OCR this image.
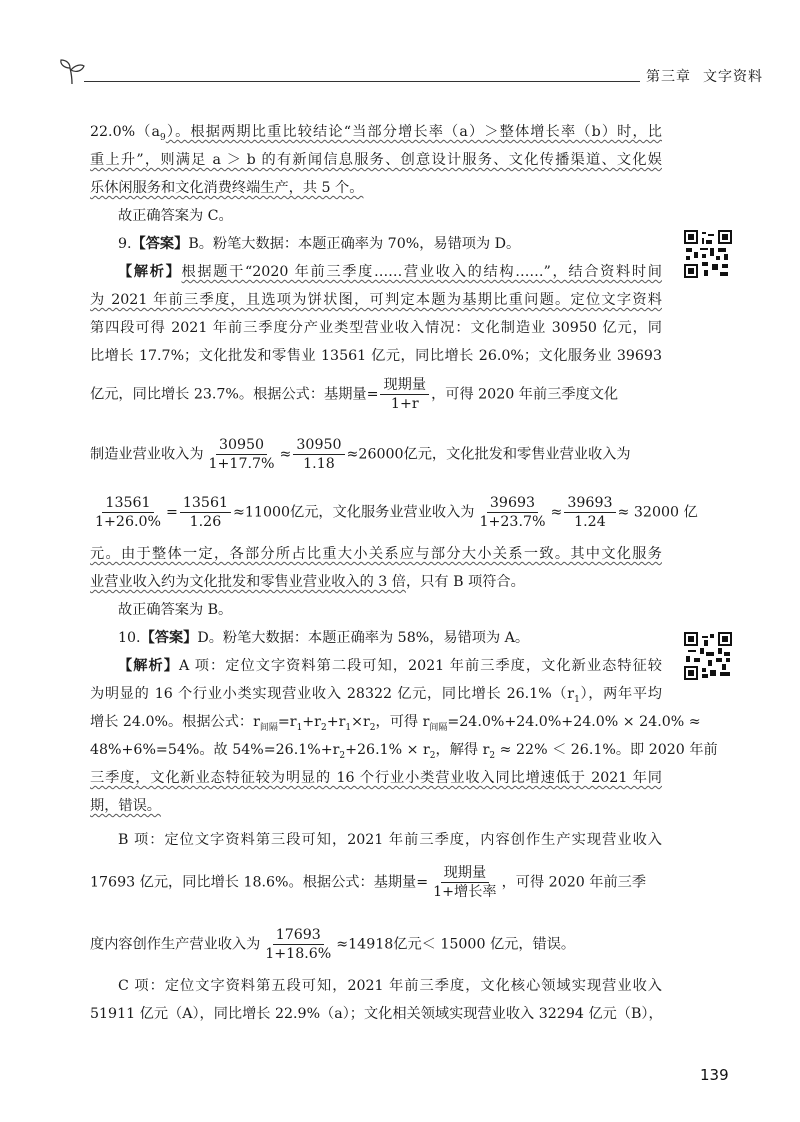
第三章 文字资料
$22.0\%(a_9)$。根据两期比重比较结论“当部分增长率（a）＞整体增长率（b）时，比
重上升”，则满足 a ＞ b 的有新闻信息服务、创意设计服务、文化传播渠道、文化娱
乐休闲服务和文化消费终端生产，共 5 个。
故正确答案为 C。
9.【答案】B。粉笔大数据：本题正确率为 70%，易错项为 D。
【解析】根据题干“2020 年前三季度……营业收入的结构……”，结合资料时间
为 2021 年前三季度，且选项为饼状图，可判定本题为基期比重问题。定位文字资料
第四段可得 2021 年前三季度分产业类型营业收入情况：文化制造业 30950 亿元，同
比增长 17.7%；文化批发和零售业 13561 亿元，同比增长 26.0%；文化服务业 39693
亿元，同比增长 23.7%。根据公式：基期量= $\frac{\text{现期量}}{1+r}$ ，可得 2020 年前三季度文化
制造业营业收入为 $\frac{30950}{1+17.7\%} \approx \frac{30950}{1.18} \approx 26000$亿元，文化批发和零售业营业收入为
$\frac{13561}{1+26.0\%} = \frac{13561}{1.26} \approx 11000$亿元，文化服务业营业收入为 $\frac{39693}{1+23.7\%} \approx \frac{39693}{1.24} \approx 32000$ 亿
元。由于整体一定，各部分所占比重大小关系应与部分大小关系一致。其中文化服务
业营业收入约为文化批发和零售业营业收入的 3 倍，只有 B 项符合。
故正确答案为 B。
10.【答案】D。粉笔大数据：本题正确率为 58%，易错项为 A。
【解析】A 项：定位文字资料第二段可知，2021 年前三季度，文化新业态特征较
为明显的 16 个行业小类实现营业收入 28322 亿元，同比增长 $26.1\%(r_1)$，两年平均
增长 24.0%。根据公式：$r_{间隔}=r_1+r_2+r_1\times r_2$，可得 $r_{间隔}=24.0\%+24.0\%+24.0\% \times 24.0\%$ ≈
48%+6%=54%。故 $54\%=26.1\%+r_2+26.1\% \times r_2$，解得 $r_2 \approx 22\% < 26.1\%$。即 2020 年前
三季度，文化新业态特征较为明显的 16 个行业小类营业收入同比增速低于 2021 年同
期，错误。
B 项：定位文字资料第三段可知，2021 年前三季度，内容创作生产实现营业收入
17693 亿元，同比增长 18.6%。根据公式：基期量= $\frac{\text{现期量}}{\text{1+增长率}}$ ，可得 2020 年前三季
度内容创作生产营业收入为 $\frac{17693}{1+18.6\%} \approx 14918$亿元＜ 15000 亿元，错误。
C 项：定位文字资料第五段可知，2021 年前三季度，文化核心领域实现营业收入
51911 亿元（A），同比增长 22.9%（a）；文化相关领域实现营业收入 32294 亿元（B），
139
